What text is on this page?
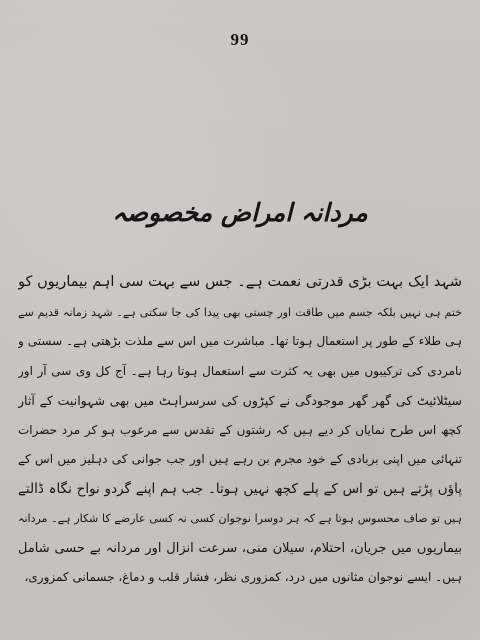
99
مردانہ امراض مخصوصہ
شہد ایک بہت بڑی قدرتی نعمت ہے۔ جس سے بہت سی اہم بیماریوں کو
ختم ہی نہیں بلکہ جسم میں طاقت اور چستی بھی پیدا کی جا سکتی ہے۔ شہد زمانہ قدیم سے
ہی طلاء کے طور پر استعمال ہوتا تھا۔ مباشرت میں اس سے ملذت بڑھتی ہے۔ سستی و
نامردی کی ترکیبوں میں بھی یہ کثرت سے استعمال ہوتا رہا ہے۔ آج کل وی سی آر اور
سیٹلائیٹ کی گھر گھر موجودگی نے کپڑوں کی سرسراہٹ میں بھی شہوانیت کے آثار
کچھ اس طرح نمایاں کر دیے ہیں کہ رشتوں کے تقدس سے مرعوب ہو کر مرد حضرات
تنہائی میں اپنی بربادی کے خود مجرم بن رہے ہیں اور جب جوانی کی دہلیز میں اس کے
پاؤں پڑتے ہیں تو اس کے پلے کچھ نہیں ہوتا۔ جب ہم اپنے گردو نواح نگاہ ڈالتے
ہیں تو صاف محسوس ہوتا ہے کہ ہر دوسرا نوجوان کسی نہ کسی عارضے کا شکار ہے۔ مردانہ
بیماریوں میں جریان، احتلام، سیلان منی، سرعت انزال اور مردانہ بے حسی شامل
ہیں۔ ایسے نوجوان مثانوں میں درد، کمزوری نظر، فشار قلب و دماغ، جسمانی کمزوری،
